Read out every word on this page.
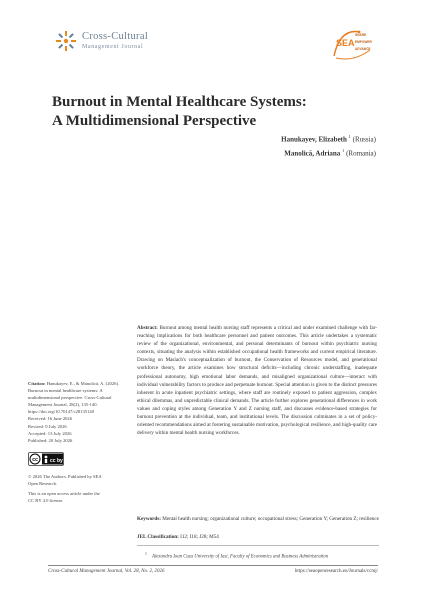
Cross-Cultural
Management Journal	SEA
SHARE
EMPOWER
ADVANCE
Burnout in Mental Healthcare Systems:
A Multidimensional Perspective
Hanukayev, Elizabeth $^1$ (Russia)
Manolică, Adriana $^1$ (Romania)
Abstract: Burnout among mental health nursing staff represents a critical and under examined challenge with far-reaching implications for both healthcare personnel and patient outcomes. This article undertakes a systematic review of the organizational, environmental, and personal determinants of burnout within psychiatric nursing contexts, situating the analysis within established occupational health frameworks and current empirical literature. Drawing on Maslach's conceptualization of burnout, the Conservation of Resources model, and generational workforce theory, the article examines how structural deficits—including chronic understaffing, inadequate professional autonomy, high emotional labor demands, and misaligned organizational culture—interact with individual vulnerability factors to produce and perpetuate burnout. Special attention is given to the distinct pressures inherent in acute inpatient psychiatric settings, where staff are routinely exposed to patient aggression, complex ethical dilemmas, and unpredictable clinical demands. The article further explores generational differences in work values and coping styles among Generation Y and Z nursing staff, and discusses evidence-based strategies for burnout prevention at the individual, team, and institutional levels. The discussion culminates in a set of policy-oriented recommendations aimed at fostering sustainable motivation, psychological resilience, and high-quality care delivery within mental health nursing workforces.
Citation: Hanukayev, E., & Manolică, A. (2026). Burnout in mental healthcare systems: A multidimensional perspective. Cross-Cultural Management Journal, 28(2), 135-140.
https://doi.org/10.70147/c28135140
Received: 16 June 2026
Revised: 9 July 2026
Accepted: 13 July 2026
Published: 20 July 2026
cc cc by
© 2026 The Authors. Published by SEA
Open Research.
This is an open access article under the
CC BY 4.0 license.
Keywords: Mental health nursing; organizational culture; occupational stress; Generation Y; Generation Z; resilience
JEL Classification: I12; I18; J28; M54
$^1$ Alexandru Ioan Cuza University of Iasi, Faculty of Economics and Business Administration
Cross-Cultural Management Journal, Vol. 28, No. 2, 2026	https://seaopenresearch.eu/Journals/ccmj/
